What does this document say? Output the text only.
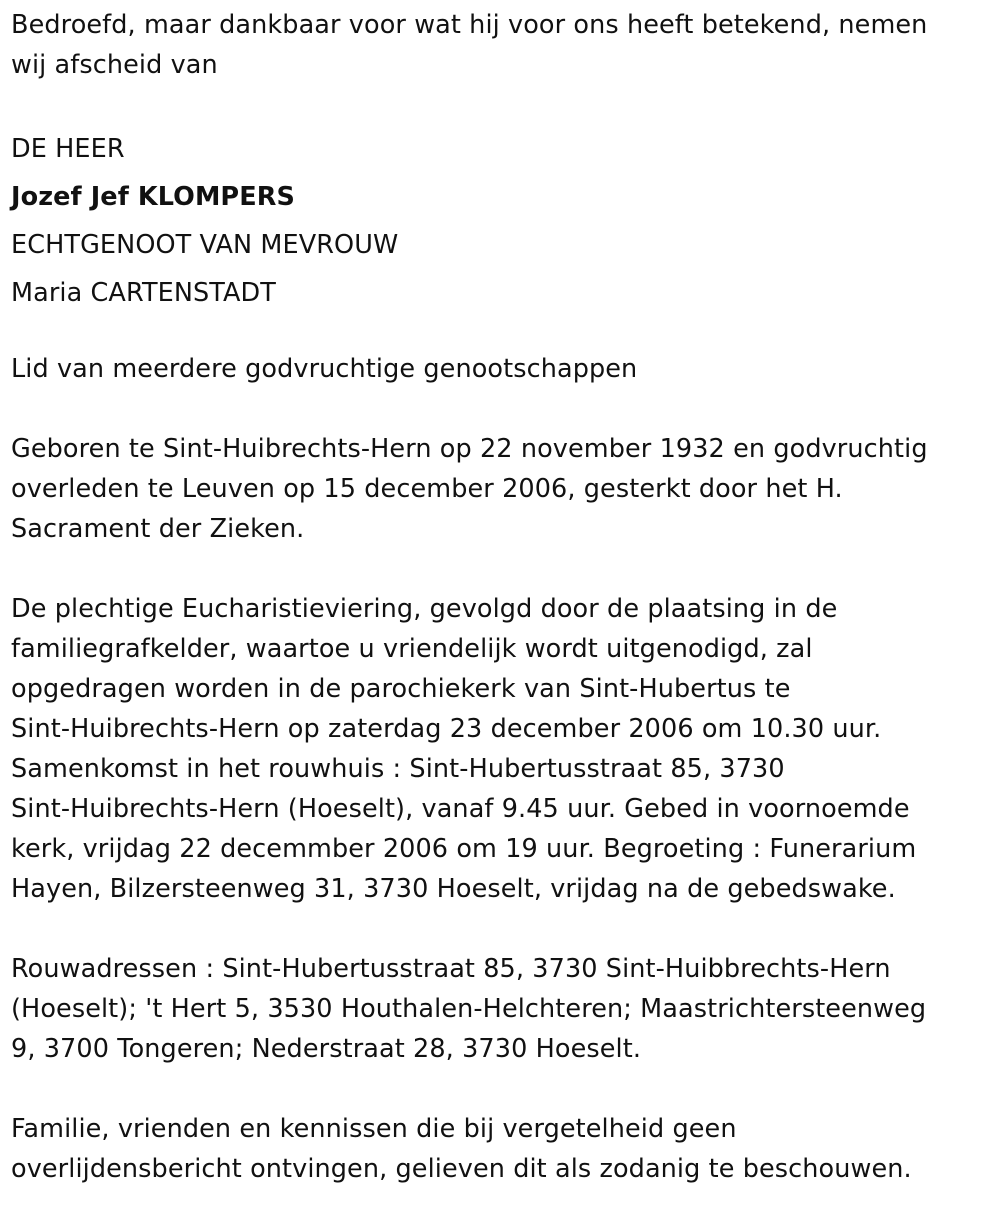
Bedroefd, maar dankbaar voor wat hij voor ons heeft betekend, nemen
wij afscheid van

DE HEER

Jozef Jef KLOMPERS

ECHTGENOOT VAN MEVROUW

Maria CARTENSTADT

Lid van meerdere godvruchtige genootschappen

Geboren te Sint-Huibrechts-Hern op 22 november 1932 en godvruchtig
overleden te Leuven op 15 december 2006, gesterkt door het H.
Sacrament der Zieken.

De plechtige Eucharistieviering, gevolgd door de plaatsing in de
familiegrafkelder, waartoe u vriendelijk wordt uitgenodigd, zal
opgedragen worden in de parochiekerk van Sint-Hubertus te
Sint-Huibrechts-Hern op zaterdag 23 december 2006 om 10.30 uur.
Samenkomst in het rouwhuis : Sint-Hubertusstraat 85, 3730
Sint-Huibrechts-Hern (Hoeselt), vanaf 9.45 uur. Gebed in voornoemde
kerk, vrijdag 22 decemmber 2006 om 19 uur. Begroeting : Funerarium
Hayen, Bilzersteenweg 31, 3730 Hoeselt, vrijdag na de gebedswake.

Rouwadressen : Sint-Hubertusstraat 85, 3730 Sint-Huibbrechts-Hern
(Hoeselt); 't Hert 5, 3530 Houthalen-Helchteren; Maastrichtersteenweg
9, 3700 Tongeren; Nederstraat 28, 3730 Hoeselt.

Familie, vrienden en kennissen die bij vergetelheid geen
overlijdensbericht ontvingen, gelieven dit als zodanig te beschouwen.
